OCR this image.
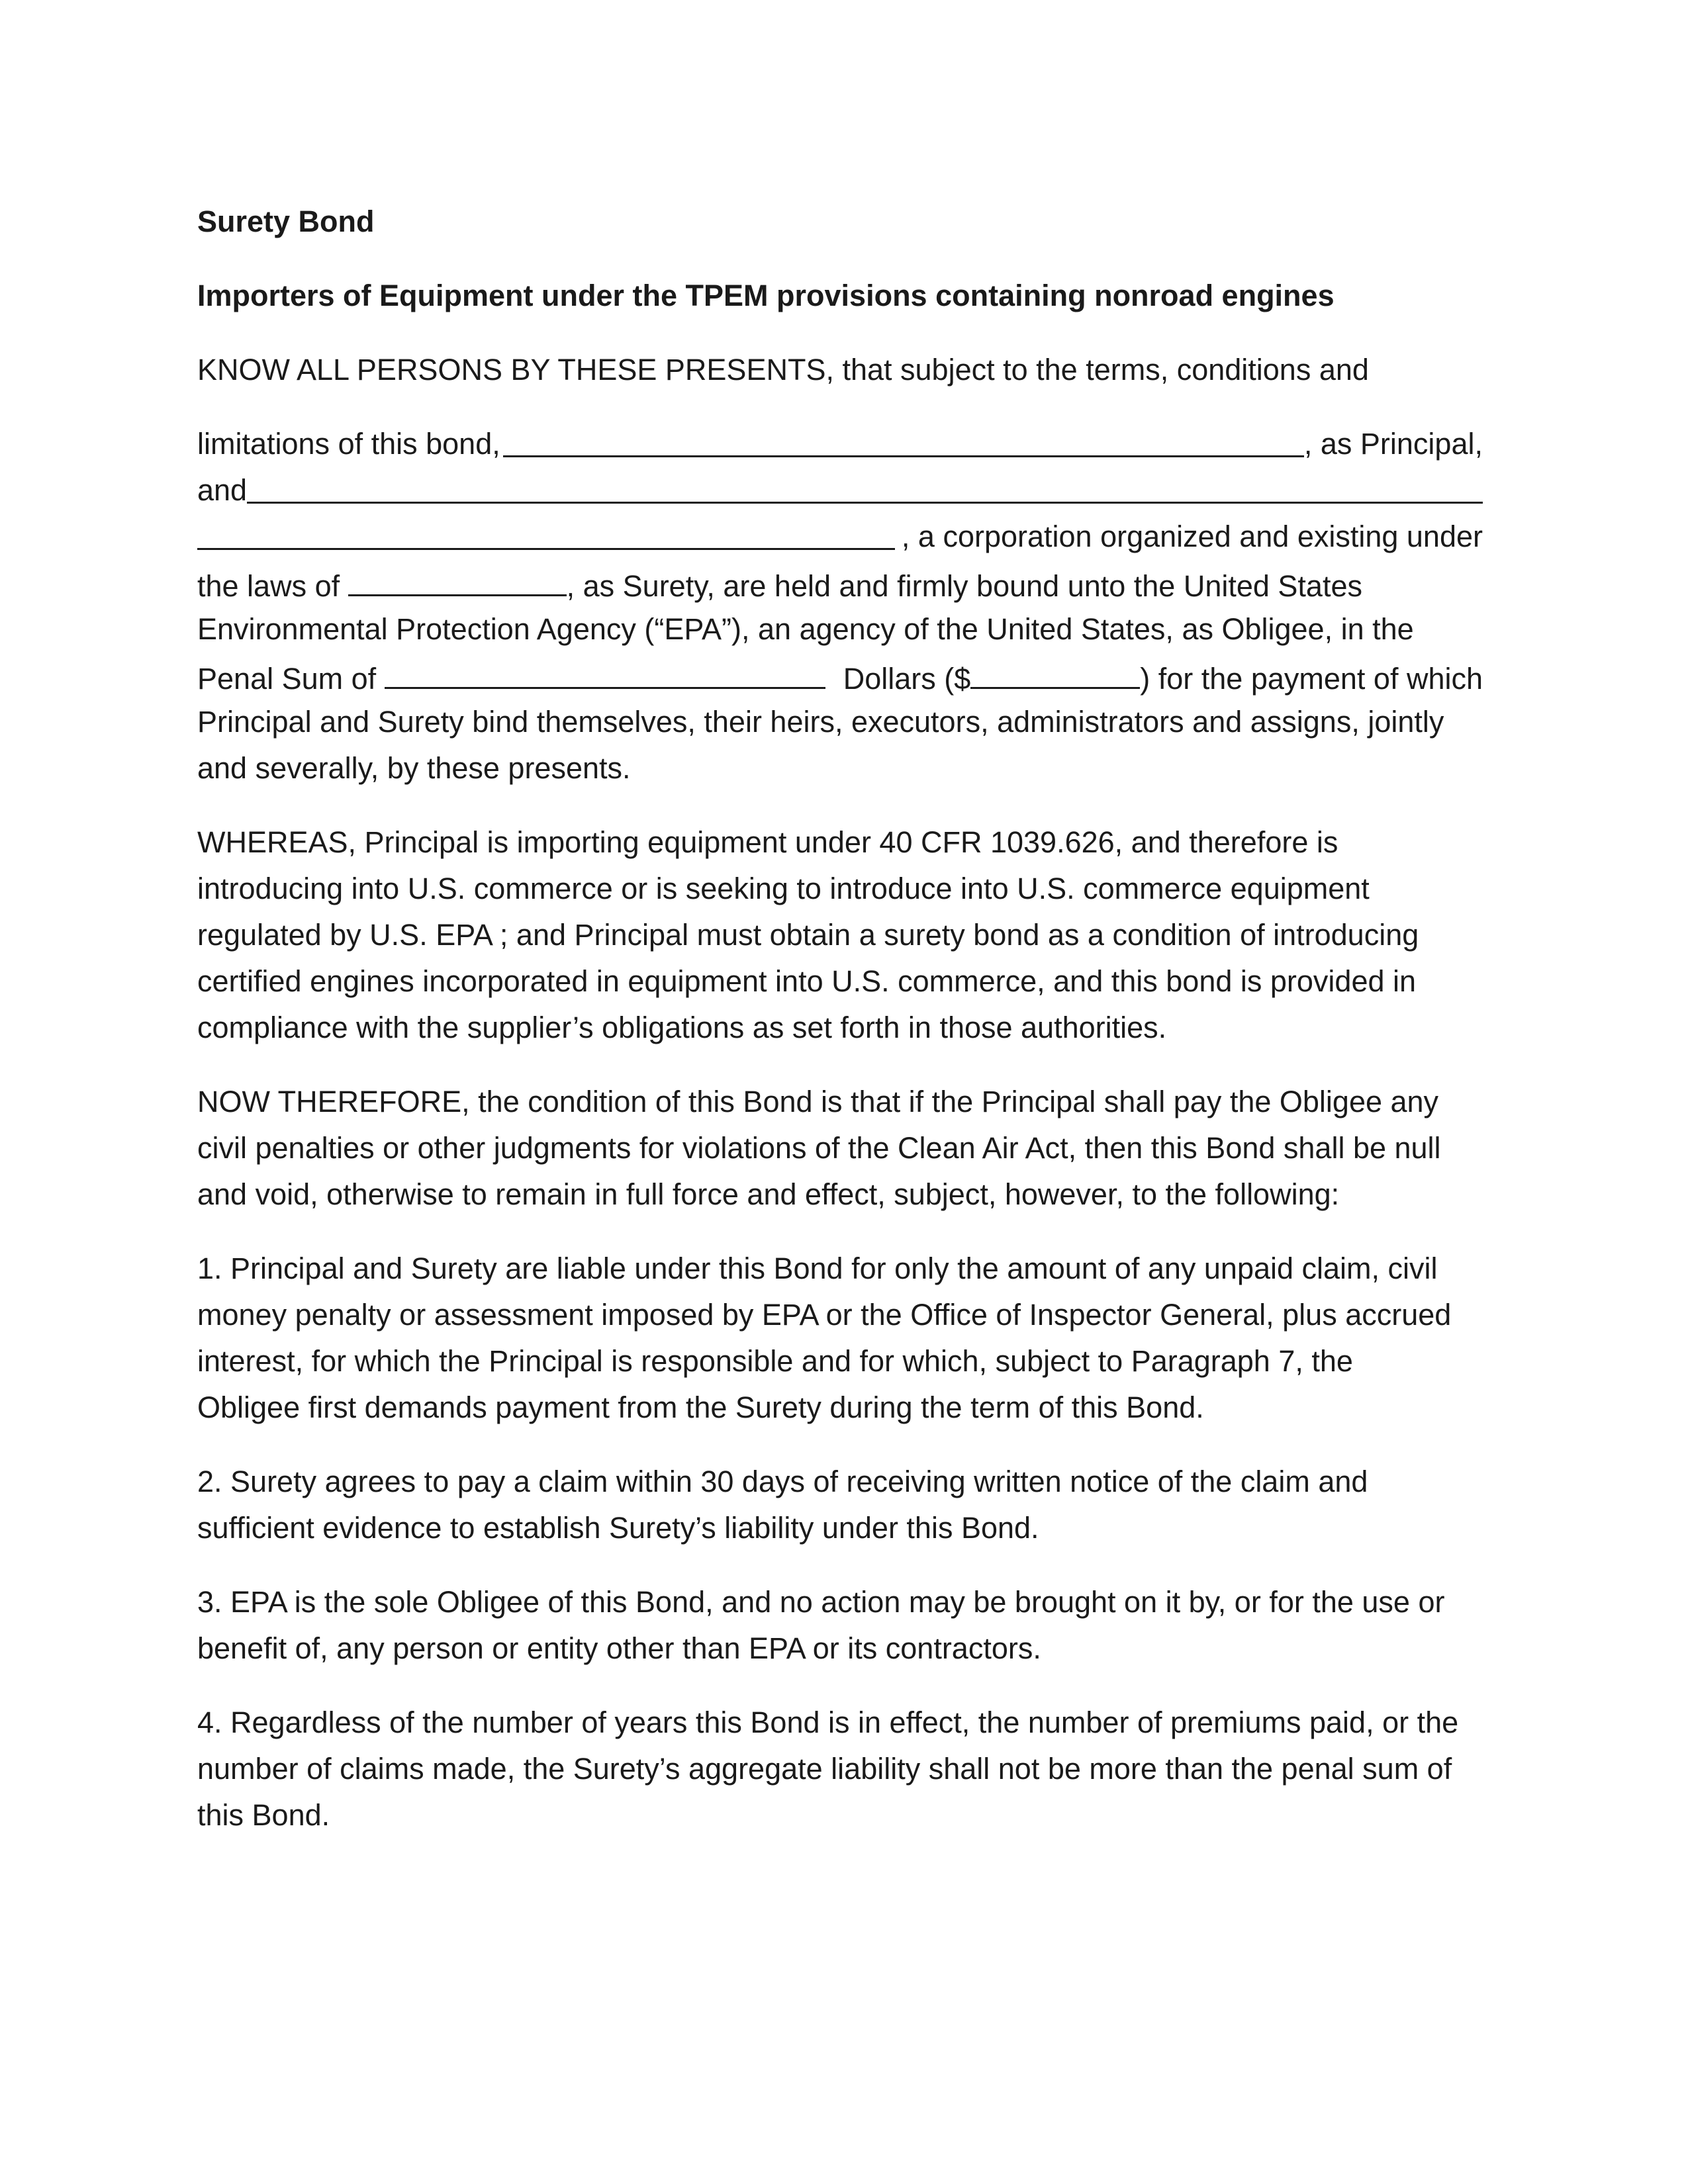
Surety Bond

Importers of Equipment under the TPEM provisions containing nonroad engines

KNOW ALL PERSONS BY THESE PRESENTS, that subject to the terms, conditions and

limitations of this bond,	, as Principal,
and
, a corporation organized and existing under
the laws of	, as Surety, are held and firmly bound unto the United States
Environmental Protection Agency (“EPA”), an agency of the United States, as Obligee, in the
Penal Sum of	Dollars ($	) for the payment of which
Principal and Surety bind themselves, their heirs, executors, administrators and assigns, jointly
and severally, by these presents.
WHEREAS, Principal is importing equipment under 40 CFR 1039.626, and therefore is
introducing into U.S. commerce or is seeking to introduce into U.S. commerce equipment
regulated by U.S. EPA ; and Principal must obtain a surety bond as a condition of introducing
certified engines incorporated in equipment into U.S. commerce, and this bond is provided in
compliance with the supplier’s obligations as set forth in those authorities.
NOW THEREFORE, the condition of this Bond is that if the Principal shall pay the Obligee any
civil penalties or other judgments for violations of the Clean Air Act, then this Bond shall be null
and void, otherwise to remain in full force and effect, subject, however, to the following:
1. Principal and Surety are liable under this Bond for only the amount of any unpaid claim, civil
money penalty or assessment imposed by EPA or the Office of Inspector General, plus accrued
interest, for which the Principal is responsible and for which, subject to Paragraph 7, the
Obligee first demands payment from the Surety during the term of this Bond.
2. Surety agrees to pay a claim within 30 days of receiving written notice of the claim and
sufficient evidence to establish Surety’s liability under this Bond.
3. EPA is the sole Obligee of this Bond, and no action may be brought on it by, or for the use or
benefit of, any person or entity other than EPA or its contractors.
4. Regardless of the number of years this Bond is in effect, the number of premiums paid, or the
number of claims made, the Surety’s aggregate liability shall not be more than the penal sum of
this Bond.
